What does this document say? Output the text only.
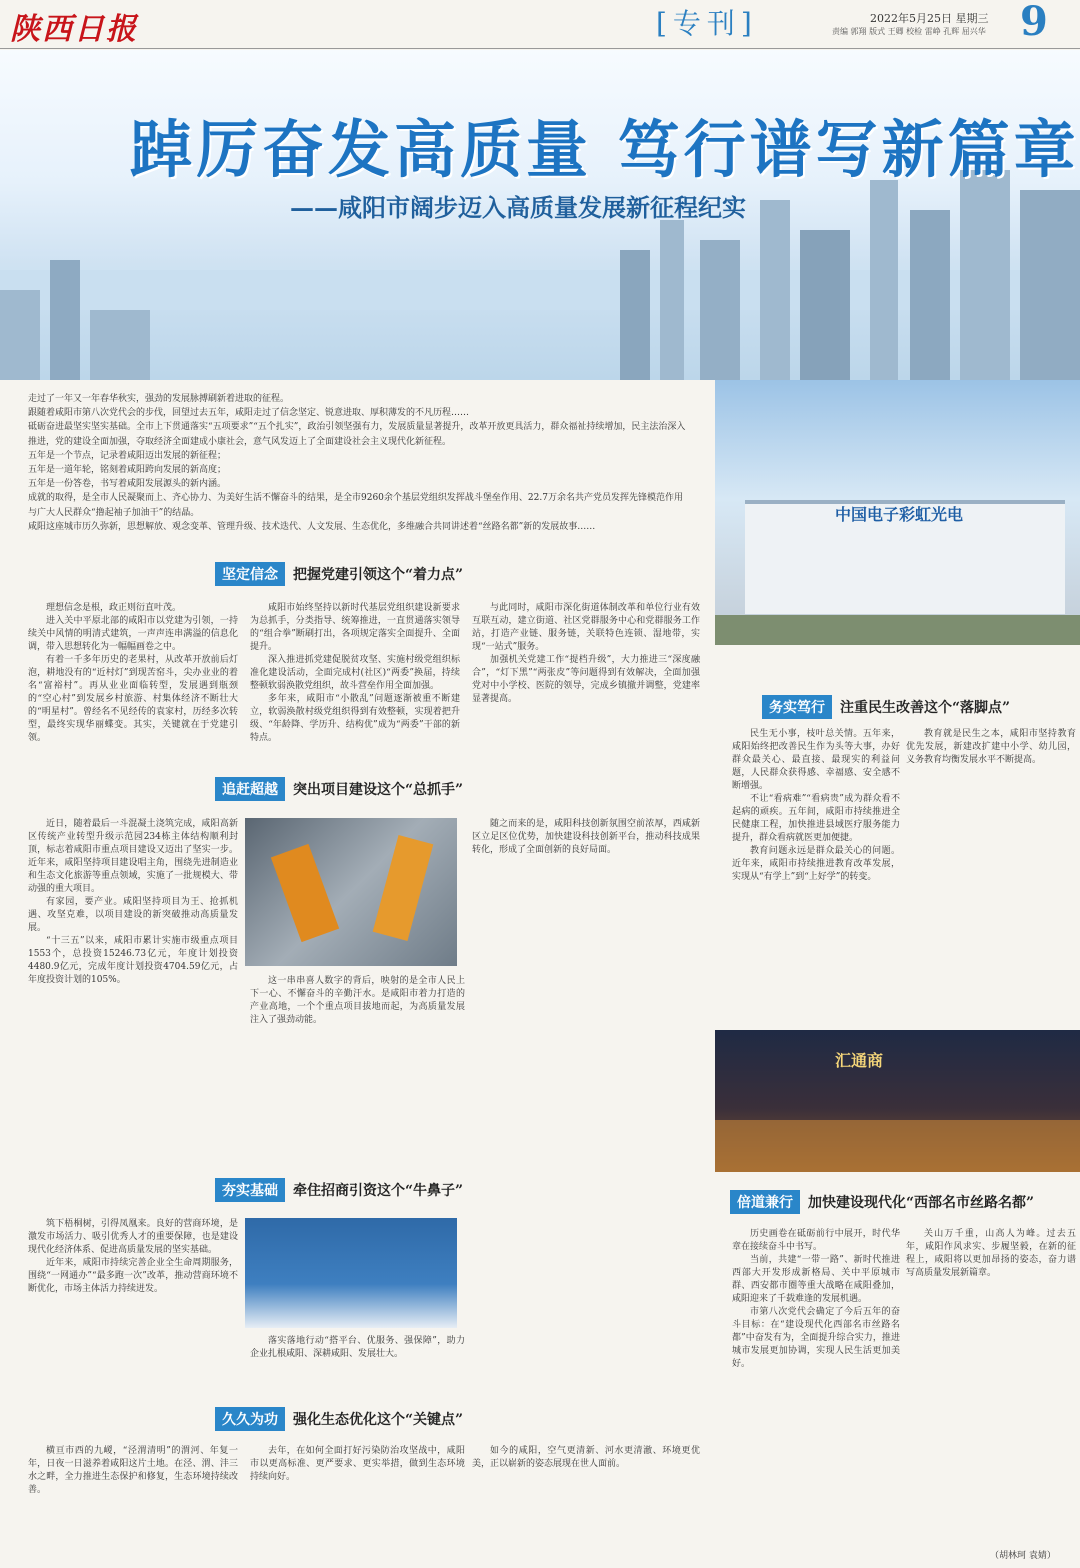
陕西日报	[专刊]	2022年5月25日 星期三
责编 郭翔 版式 王卿 校检 雷峥 孔辉 屈兴华 9
踔厉奋发高质量 笃行谱写新篇章
——咸阳市阔步迈入高质量发展新征程纪实

走过了一年又一年春华秋实，强劲的发展脉搏刷新着进取的征程。

跟随着咸阳市第八次党代会的步伐，回望过去五年，咸阳走过了信念坚定、锐意进取、厚积薄发的不凡历程……

砥砺奋进最坚实坚实基础。全市上下贯通落实“五项要求”“五个扎实”，政治引领坚强有力，发展质量显著提升，改革开放更具活力，群众福祉持续增加，民主法治深入推进，党的建设全面加强，夺取经济全面建成小康社会，意气风发迈上了全面建设社会主义现代化新征程。

五年是一个节点，记录着咸阳迈出发展的新征程；

五年是一道年轮，铭刻着咸阳跨向发展的新高度；

五年是一份答卷，书写着咸阳发展源头的新内涵。

成就的取得，是全市人民凝聚而上、齐心协力、为美好生活不懈奋斗的结果，是全市9260余个基层党组织发挥战斗堡垒作用、22.7万余名共产党员发挥先锋模范作用与广大人民群众“撸起袖子加油干”的结晶。

咸阳这座城市历久弥新，思想解放、观念变革、管理升级、技术迭代、人文发展、生态优化，多维融合共同讲述着“丝路名都”新的发展故事……

中国电子彩虹光电
坚定信念 把握党建引领这个“着力点”

理想信念是根，政正则衍直叶茂。

进入关中平原北部的咸阳市以党建为引领，一持续关中风情的明清式建筑，一声声连串满溢的信息化调，带入思想转化为一幅幅画卷之中。

有着一千多年历史的老果村，从改革开放前后灯泡，耕地没有的“近村灯”到现苦窑斗，尖办业业的着名“富裕村”。再从业业面临转型，发展遇到瓶颈的“空心村”到发展乡村旅游、村集体经济不断壮大的“明星村”。曾经名不见经传的袁家村，历经多次转型，最终实现华丽蝶变。其实，关键就在于党建引领。

咸阳市始终坚持以新时代基层党组织建设新要求为总抓手，分类指导、统筹推进，一直贯通落实领导的“组合拳”断刷打出，各项规定落实全面提升、全面提升。

深入推进抓党建促脱贫攻坚、实施村级党组织标准化建设活动，全面完成村(社区)“两委”换届，持续整顿软弱涣散党组织，故斗营垒作用全面加强。

多年来，咸阳市“小散乱”问题逐渐被重不断建立，软弱涣散村级党组织得到有效整顿，实现着把升级、“年龄降、学历升、结构优”成为“两委”干部的新特点。

与此同时，咸阳市深化街道体制改革和单位行业有效互联互动，建立街道、社区党群服务中心和党群服务工作站，打造产业链、服务链，关联特色连锁、湿地带，实现“一站式”服务。

加强机关党建工作“提档升级”，大力推进三“深度融合”，“灯下黑”“两张皮”等问题得到有效解决，全面加强党对中小学校、医院的领导，完成乡镇撤并调整，党建率显著提高。

务实笃行 注重民生改善这个“落脚点”

民生无小事，枝叶总关情。五年来，咸阳始终把改善民生作为头等大事，办好群众最关心、最直接、最现实的利益问题，人民群众获得感、幸福感、安全感不断增强。

不让“看病难”“看病贵”成为群众看不起病的顽疾。五年间，咸阳市持续推进全民健康工程，加快推进县域医疗服务能力提升，群众看病就医更加便捷。

教育问题永远是群众最关心的问题。近年来，咸阳市持续推进教育改革发展，实现从“有学上”到“上好学”的转变。

教育就是民生之本，咸阳市坚持教育优先发展，新建改扩建中小学、幼儿园，义务教育均衡发展水平不断提高。

追赶超越 突出项目建设这个“总抓手”

近日，随着最后一斗混凝土浇筑完成，咸阳高新区传统产业转型升级示范园234栋主体结构顺利封顶，标志着咸阳市重点项目建设又迈出了坚实一步。近年来，咸阳坚持项目建设唱主角，围绕先进制造业和生态文化旅游等重点领域，实施了一批规模大、带动强的重大项目。

有家园，要产业。咸阳坚持项目为王、抢抓机遇、攻坚克难，以项目建设的新突破推动高质量发展。

“十三五”以来，咸阳市累计实施市级重点项目1553个，总投资15246.73亿元，年度计划投资4480.9亿元，完成年度计划投资4704.59亿元，占年度投资计划的105%。	这一串串喜人数字的背后，映射的是全市人民上下一心、不懈奋斗的辛勤汗水。是咸阳市着力打造的产业高地，一个个重点项目拔地而起，为高质量发展注入了强劲动能。

随之而来的是，咸阳科技创新氛围空前浓厚，西咸新区立足区位优势，加快建设科技创新平台，推动科技成果转化，形成了全面创新的良好局面。

汇通商
倍道兼行 加快建设现代化“西部名市丝路名都”

历史画卷在砥砺前行中展开，时代华章在接续奋斗中书写。

当前，共建“一带一路”、新时代推进西部大开发形成新格局、关中平原城市群、西安都市圈等重大战略在咸阳叠加，咸阳迎来了千载难逢的发展机遇。

市第八次党代会确定了今后五年的奋斗目标：在“建设现代化西部名市丝路名都”中奋发有为，全面提升综合实力，推进城市发展更加协调，实现人民生活更加美好。

关山万千重，山高人为峰。过去五年，咸阳作风求实、步履坚毅，在新的征程上，咸阳将以更加昂扬的姿态，奋力谱写高质量发展新篇章。

（胡林珂 袁婧）
夯实基础 牵住招商引资这个“牛鼻子”

筑下梧桐树，引得凤凰来。良好的营商环境，是激发市场活力、吸引优秀人才的重要保障，也是建设现代化经济体系、促进高质量发展的坚实基础。

近年来，咸阳市持续完善企业全生命周期服务，围绕“一网通办”“最多跑一次”改革，推动营商环境不断优化，市场主体活力持续迸发。

落实落地行动“搭平台、优服务、强保障”，助力企业扎根咸阳、深耕咸阳、发展壮大。

久久为功 强化生态优化这个“关键点”

横亘市西的九嵕，“泾渭清明”的渭河、年复一年，日夜一日滋养着咸阳这片土地。在泾、渭、沣三水之畔，全力推进生态保护和修复，生态环境持续改善。

去年，在如何全面打好污染防治攻坚战中，咸阳市以更高标准、更严要求、更实举措，做到生态环境持续向好。

如今的咸阳，空气更清新、河水更清澈、环境更优美，正以崭新的姿态展现在世人面前。
